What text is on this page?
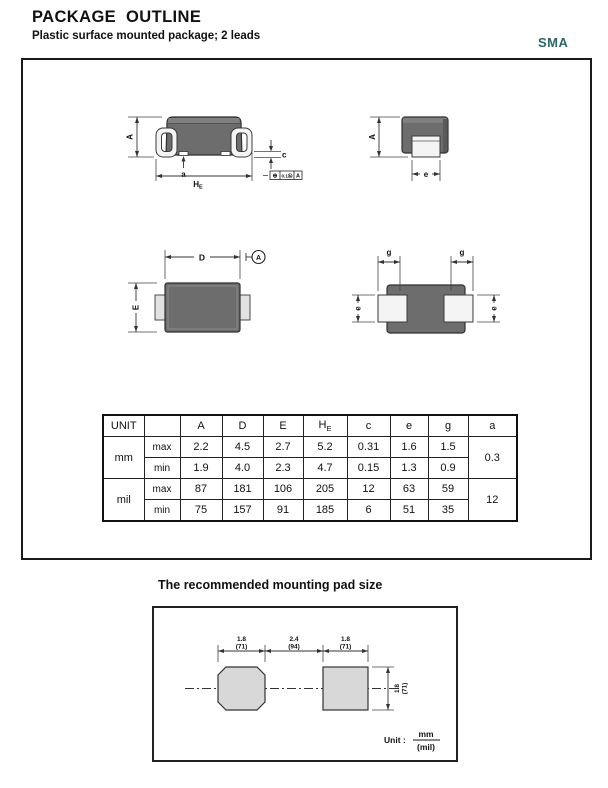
PACKAGE  OUTLINE
Plastic surface mounted package; 2 leads	SMA
A
a
HE
c
⊕ 0.1Ⓜ A
A
e
D	A
E
g	g
e	e
UNIT		A	D	E	$H_E$	c	e	g	a
mm	max	2.2	4.5	2.7	5.2	0.31	1.6	1.5	0.3
	min	1.9	4.0	2.3	4.7	0.15	1.3	0.9	
mil	max	87	181	106	205	12	63	59	12
	min	75	157	91	185	6	51	35	
The recommended mounting pad size
1.8
(71)
2.4
(94)
1.8
(71)
1.8 (71)
Unit :
mm
(mil)
